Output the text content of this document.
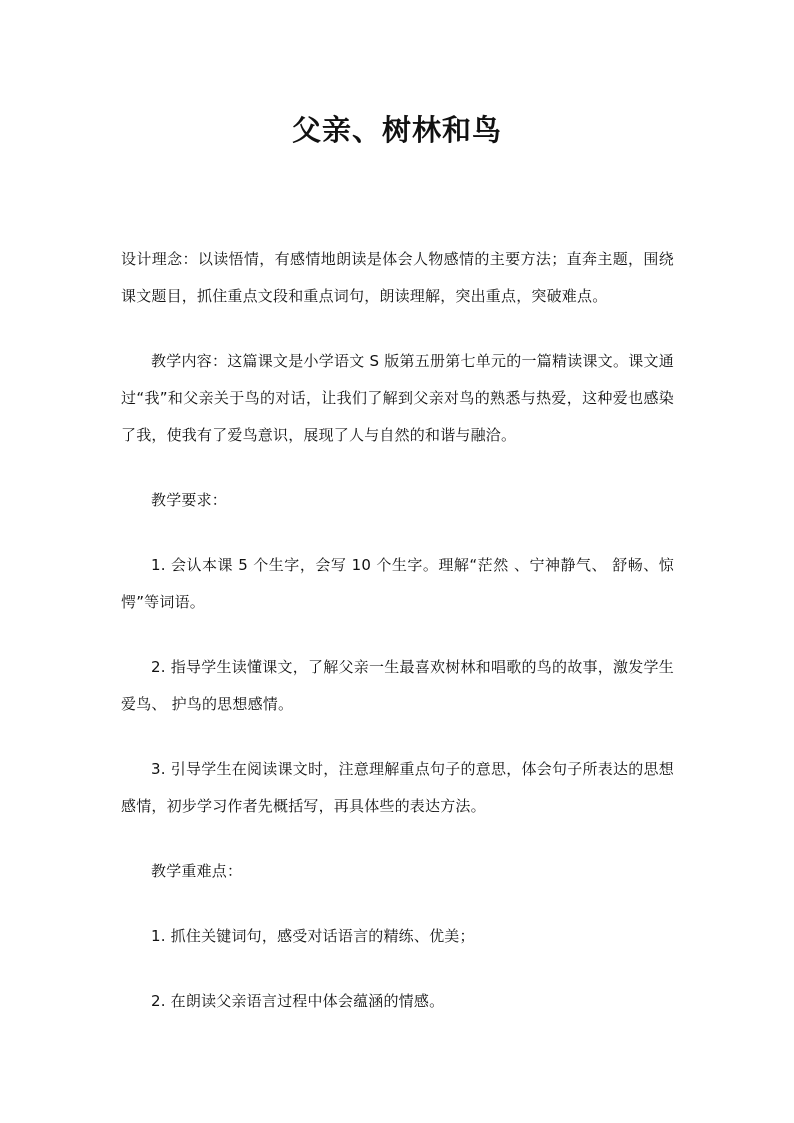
父亲、树林和鸟

设计理念：以读悟情，有感情地朗读是体会人物感情的主要方法；直奔主题，围绕课文题目，抓住重点文段和重点词句，朗读理解，突出重点，突破难点。

教学内容：这篇课文是小学语文 S 版第五册第七单元的一篇精读课文。课文通过“我”和父亲关于鸟的对话，让我们了解到父亲对鸟的熟悉与热爱，这种爱也感染了我，使我有了爱鸟意识，展现了人与自然的和谐与融洽。

教学要求：

1. 会认本课 5 个生字，会写 10 个生字。理解“茫然 、宁神静气、 舒畅、惊愕”等词语。

2. 指导学生读懂课文，了解父亲一生最喜欢树林和唱歌的鸟的故事，激发学生爱鸟、 护鸟的思想感情。

3. 引导学生在阅读课文时，注意理解重点句子的意思，体会句子所表达的思想感情，初步学习作者先概括写，再具体些的表达方法。

教学重难点：

1. 抓住关键词句，感受对话语言的精练、优美；

2. 在朗读父亲语言过程中体会蕴涵的情感。
